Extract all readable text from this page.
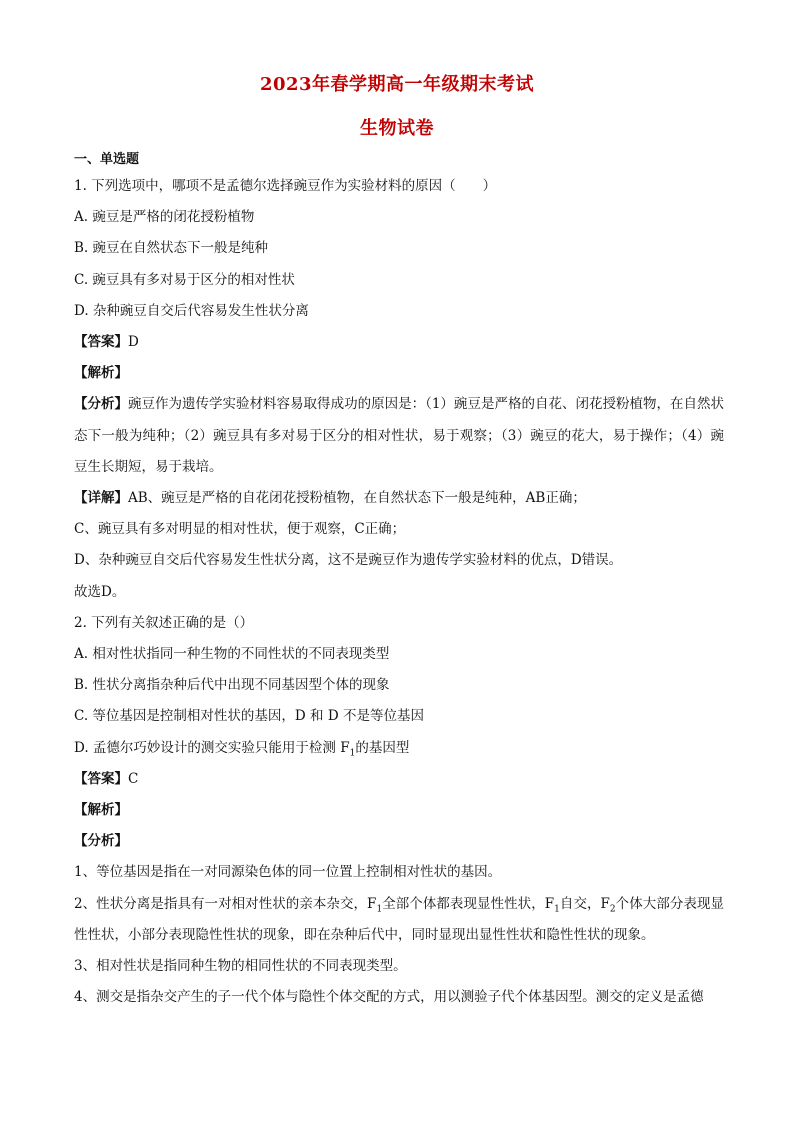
2023年春学期高一年级期末考试
生物试卷
一、单选题

1. 下列选项中，哪项不是孟德尔选择豌豆作为实验材料的原因（　　）

A. 豌豆是严格的闭花授粉植物

B. 豌豆在自然状态下一般是纯种

C. 豌豆具有多对易于区分的相对性状

D. 杂种豌豆自交后代容易发生性状分离

【答案】D

【解析】

【分析】豌豆作为遗传学实验材料容易取得成功的原因是：（1）豌豆是严格的自花、闭花授粉植物，在自然状态下一般为纯种；（2）豌豆具有多对易于区分的相对性状，易于观察；（3）豌豆的花大，易于操作；（4）豌豆生长期短，易于栽培。

【详解】AB、豌豆是严格的自花闭花授粉植物，在自然状态下一般是纯种，AB正确；

C、豌豆具有多对明显的相对性状，便于观察，C正确；

D、杂种豌豆自交后代容易发生性状分离，这不是豌豆作为遗传学实验材料的优点，D错误。

故选D。

2. 下列有关叙述正确的是（）

A. 相对性状指同一种生物的不同性状的不同表现类型

B. 性状分离指杂种后代中出现不同基因型个体的现象

C. 等位基因是控制相对性状的基因，D 和 D 不是等位基因

D. 孟德尔巧妙设计的测交实验只能用于检测 $F_1$的基因型

【答案】C

【解析】

【分析】

1、等位基因是指在一对同源染色体的同一位置上控制相对性状的基因。

2、性状分离是指具有一对相对性状的亲本杂交，$F_1$全部个体都表现显性性状，$F_1$自交，$F_2$个体大部分表现显性性状，小部分表现隐性性状的现象，即在杂种后代中，同时显现出显性性状和隐性性状的现象。

3、相对性状是指同种生物的相同性状的不同表现类型。

4、测交是指杂交产生的子一代个体与隐性个体交配的方式，用以测验子代个体基因型。测交的定义是孟德
